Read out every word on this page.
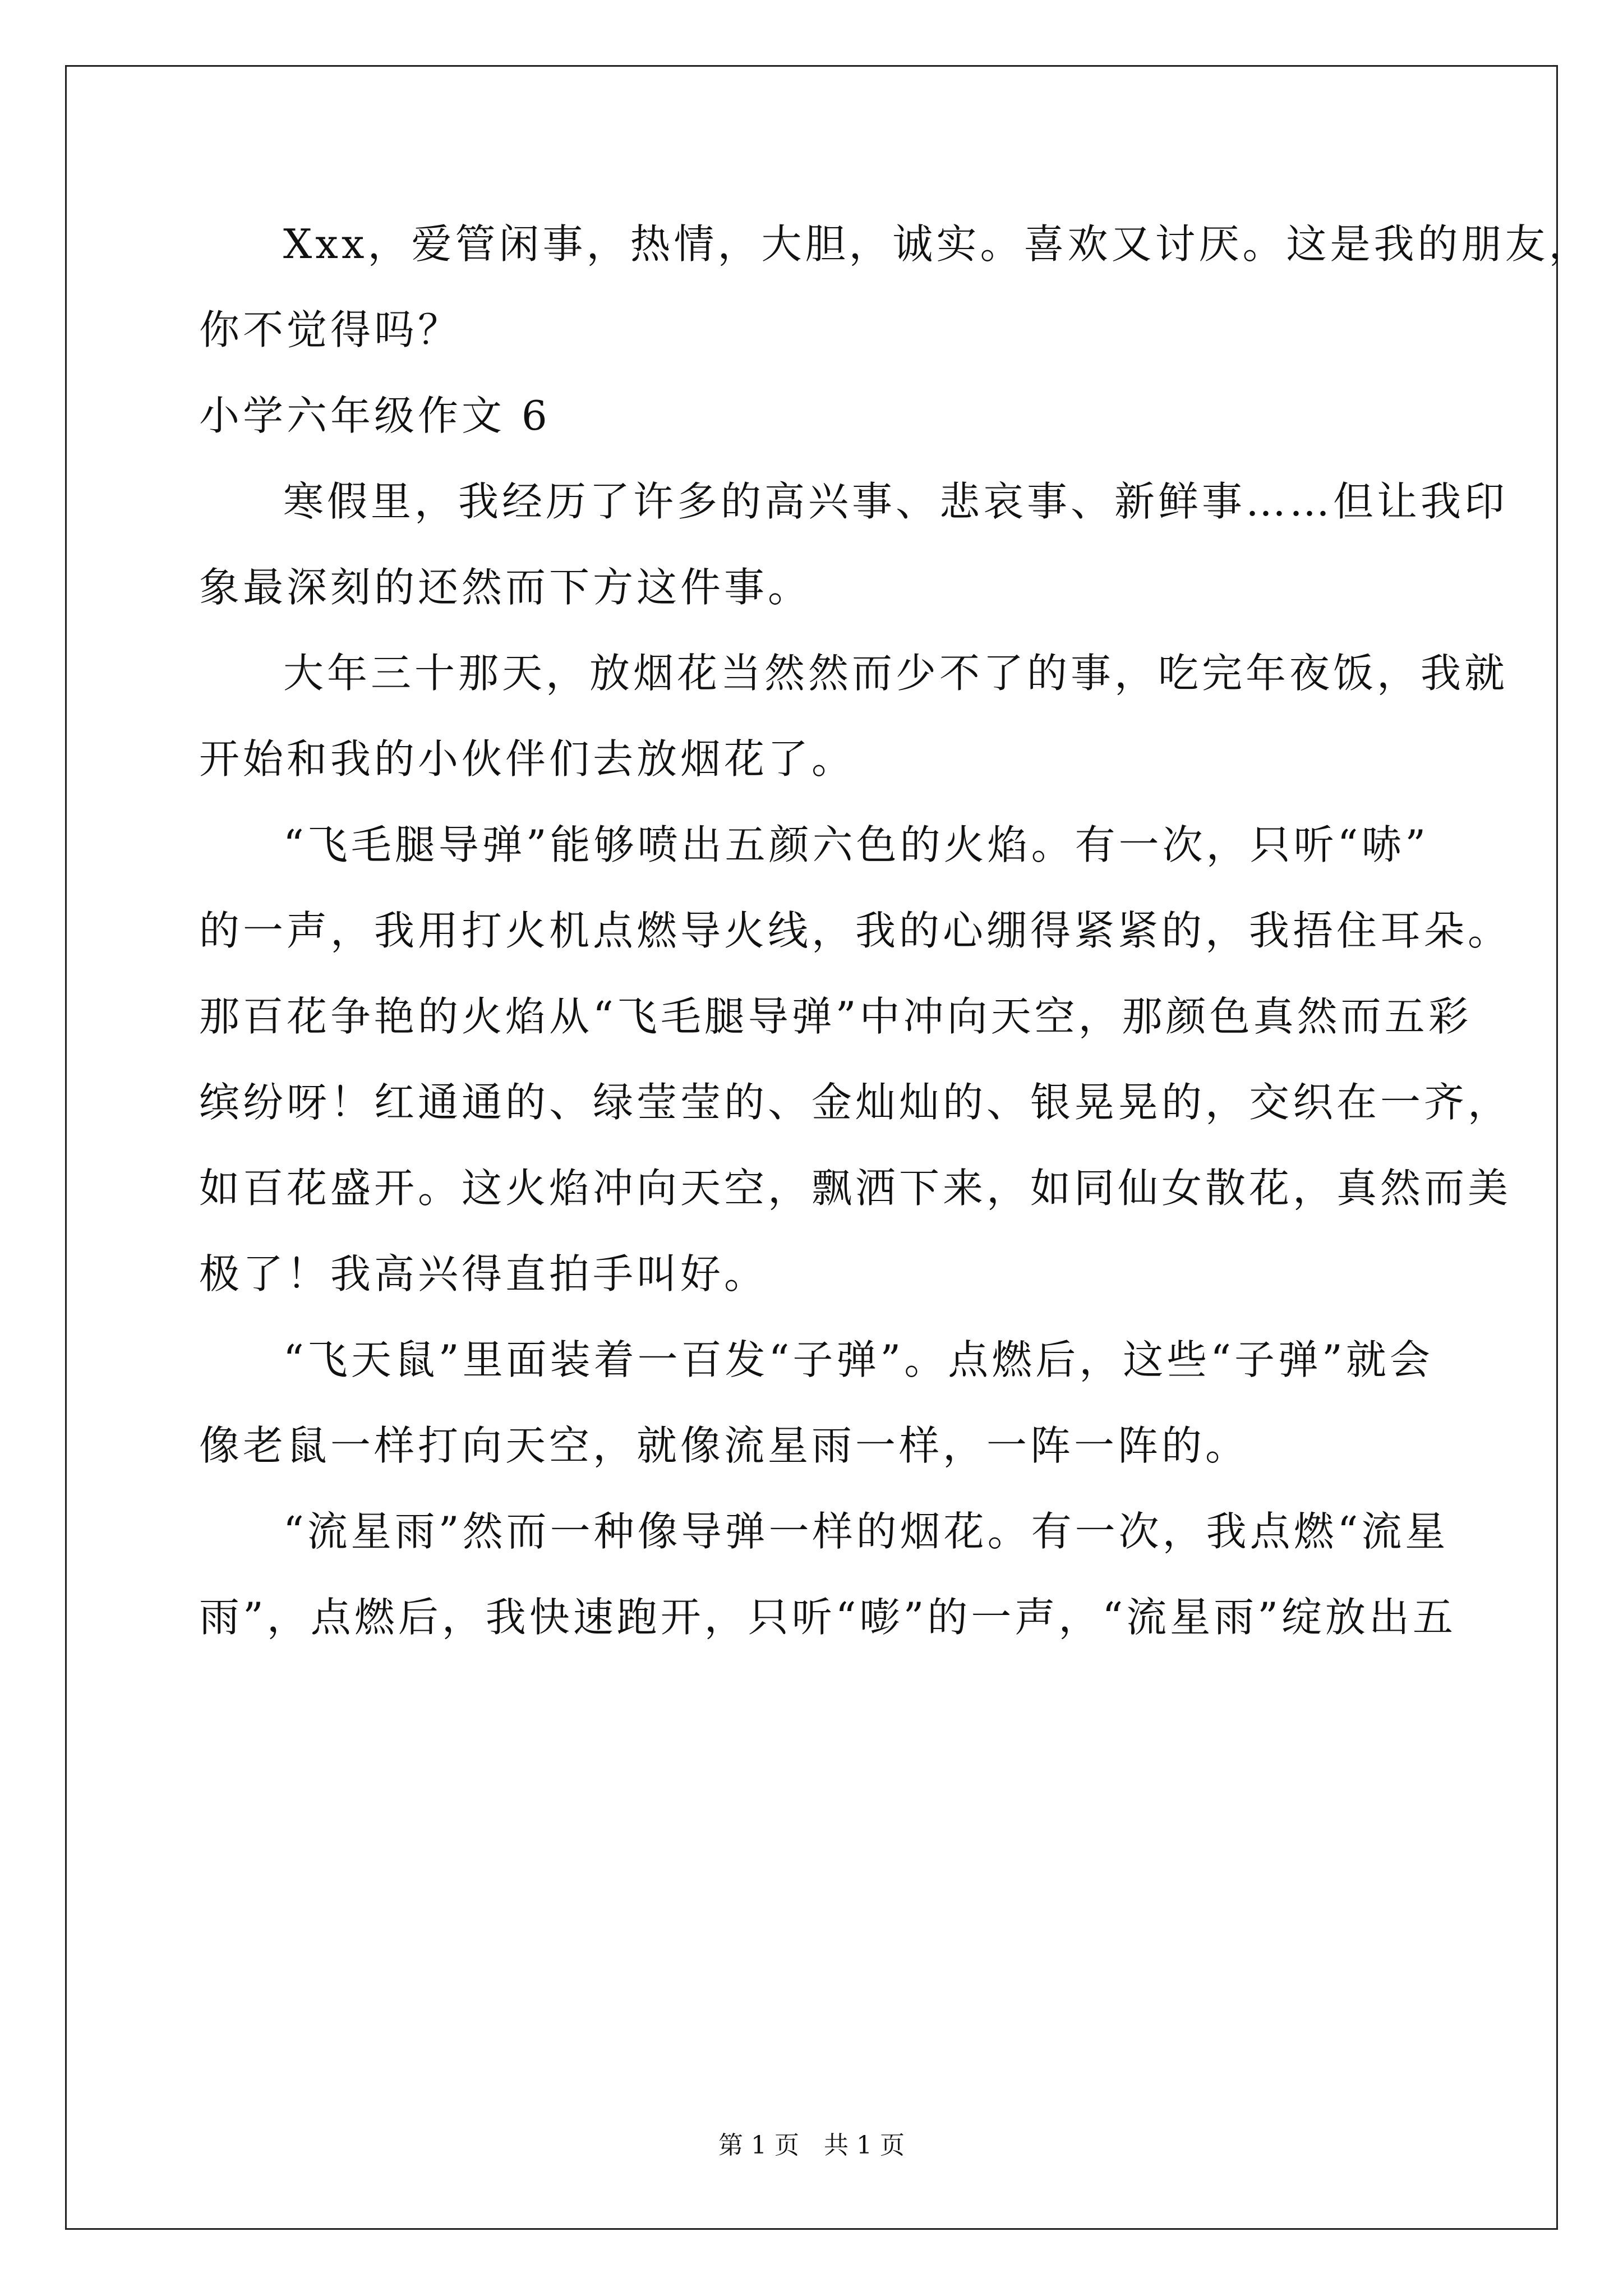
Xxx，爱管闲事，热情，大胆，诚实。喜欢又讨厌。这是我的朋友，
你不觉得吗？
小学六年级作文 6
寒假里，我经历了许多的高兴事、悲哀事、新鲜事……但让我印
象最深刻的还然而下方这件事。
大年三十那天，放烟花当然然而少不了的事，吃完年夜饭，我就
开始和我的小伙伴们去放烟花了。
“飞毛腿导弹”能够喷出五颜六色的火焰。有一次，只听“哧”
的一声，我用打火机点燃导火线，我的心绷得紧紧的，我捂住耳朵。
那百花争艳的火焰从“飞毛腿导弹”中冲向天空，那颜色真然而五彩
缤纷呀！红通通的、绿莹莹的、金灿灿的、银晃晃的，交织在一齐，
如百花盛开。这火焰冲向天空，飘洒下来，如同仙女散花，真然而美
极了！我高兴得直拍手叫好。
“飞天鼠”里面装着一百发“子弹”。点燃后，这些“子弹”就会
像老鼠一样打向天空，就像流星雨一样，一阵一阵的。
“流星雨”然而一种像导弹一样的烟花。有一次，我点燃“流星
雨”，点燃后，我快速跑开，只听“嘭”的一声，“流星雨”绽放出五
第 1 页　共 1 页
